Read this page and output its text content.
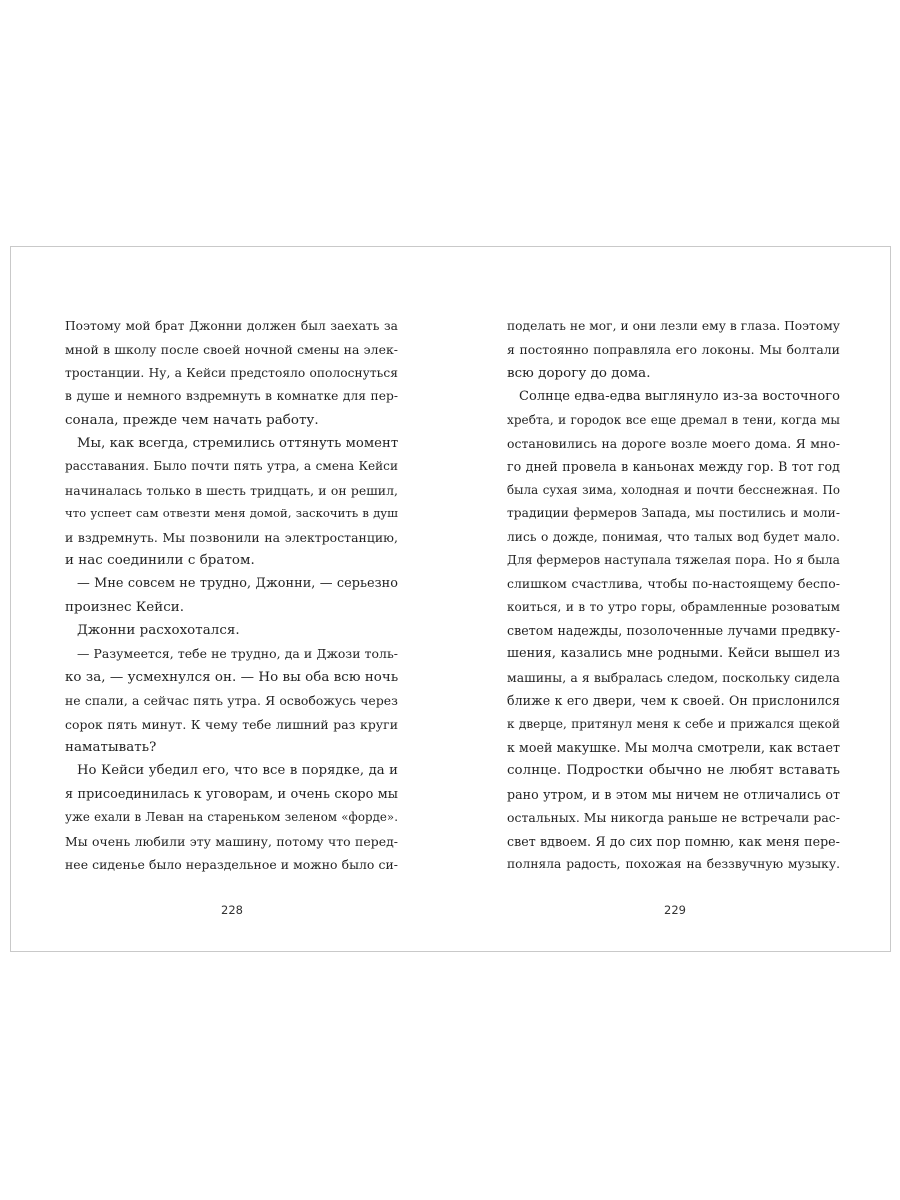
Поэтому мой брат Джонни должен был заехать за
мной в школу после своей ночной смены на элек-
тростанции. Ну, а Кейси предстояло ополоснуться
в душе и немного вздремнуть в комнатке для пер-
сонала, прежде чем начать работу.
Мы, как всегда, стремились оттянуть момент
расставания. Было почти пять утра, а смена Кейси
начиналась только в шесть тридцать, и он решил,
что успеет сам отвезти меня домой, заскочить в душ
и вздремнуть. Мы позвонили на электростанцию,
и нас соединили с братом.
— Мне совсем не трудно, Джонни, — серьезно
произнес Кейси.
Джонни расхохотался.
— Разумеется, тебе не трудно, да и Джози толь-
ко за, — усмехнулся он. — Но вы оба всю ночь
не спали, а сейчас пять утра. Я освобожусь через
сорок пять минут. К чему тебе лишний раз круги
наматывать?
Но Кейси убедил его, что все в порядке, да и
я присоединилась к уговорам, и очень скоро мы
уже ехали в Леван на стареньком зеленом «форде».
Мы очень любили эту машину, потому что перед-
нее сиденье было нераздельное и можно было си-
поделать не мог, и они лезли ему в глаза. Поэтому
я постоянно поправляла его локоны. Мы болтали
всю дорогу до дома.
Солнце едва-едва выглянуло из-за восточного
хребта, и городок все еще дремал в тени, когда мы
остановились на дороге возле моего дома. Я мно-
го дней провела в каньонах между гор. В тот год
была сухая зима, холодная и почти бесснежная. По
традиции фермеров Запада, мы постились и моли-
лись о дожде, понимая, что талых вод будет мало.
Для фермеров наступала тяжелая пора. Но я была
слишком счастлива, чтобы по-настоящему беспо-
коиться, и в то утро горы, обрамленные розоватым
светом надежды, позолоченные лучами предвку-
шения, казались мне родными. Кейси вышел из
машины, а я выбралась следом, поскольку сидела
ближе к его двери, чем к своей. Он прислонился
к дверце, притянул меня к себе и прижался щекой
к моей макушке. Мы молча смотрели, как встает
солнце. Подростки обычно не любят вставать
рано утром, и в этом мы ничем не отличались от
остальных. Мы никогда раньше не встречали рас-
свет вдвоем. Я до сих пор помню, как меня пере-
полняла радость, похожая на беззвучную музыку.
228	229
